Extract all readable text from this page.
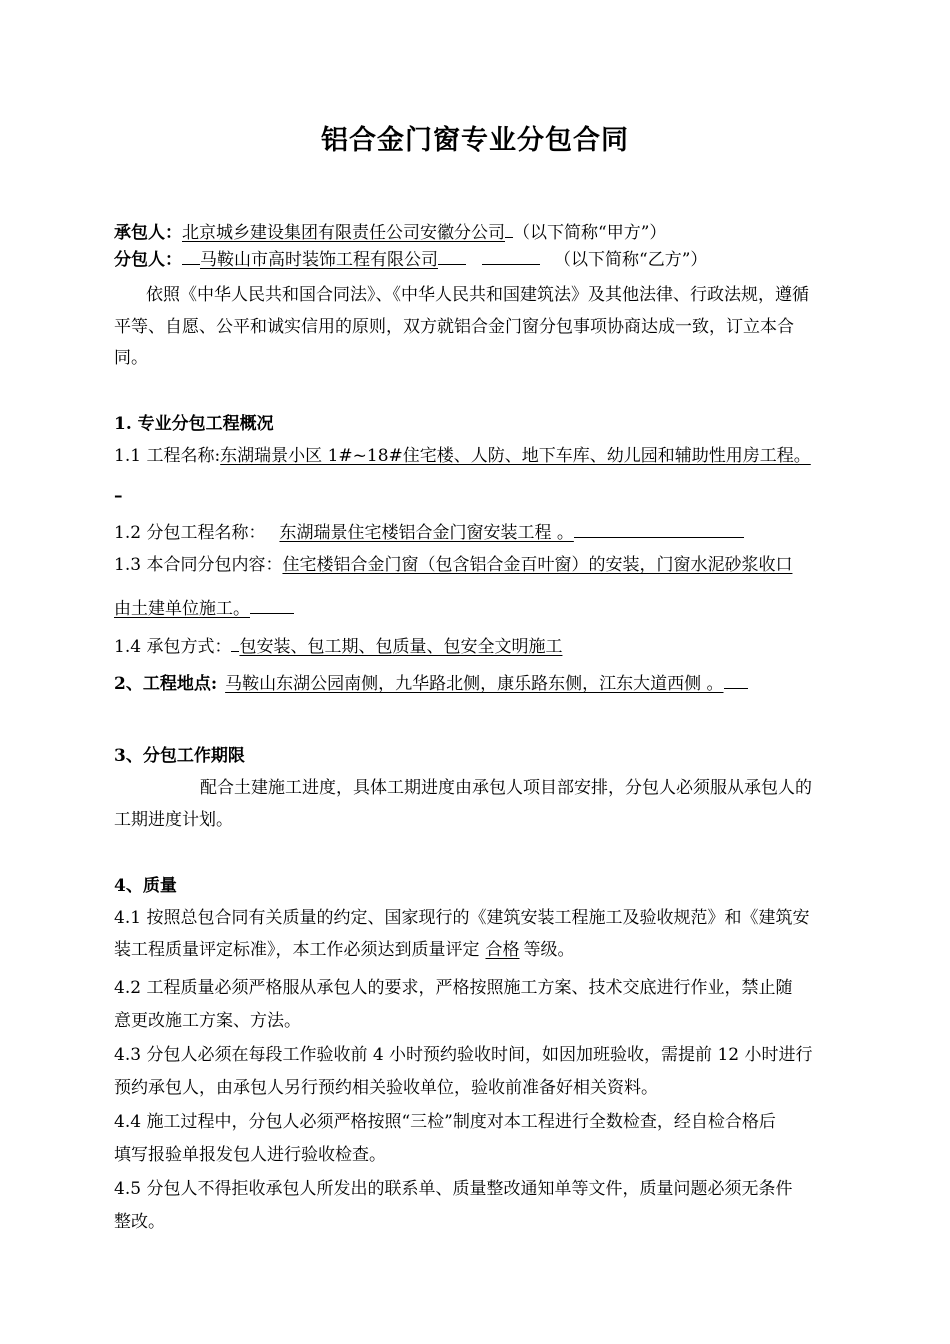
铝合金门窗专业分包合同
承包人：北京城乡建设集团有限责任公司安徽分公司 （以下简称“甲方”）
分包人： 马鞍山市高时装饰工程有限公司	（以下简称“乙方”）
依照《中华人民共和国合同法》、《中华人民共和国建筑法》及其他法律、行政法规，遵循
平等、自愿、公平和诚实信用的原则，双方就铝合金门窗分包事项协商达成一致，订立本合
同。
1. 专业分包工程概况
1.1 工程名称:东湖瑞景小区 1#~18#住宅楼、人防、地下车库、幼儿园和辅助性用房工程。
–
1.2 分包工程名称： 东湖瑞景住宅楼铝合金门窗安装工程 。
1.3 本合同分包内容：住宅楼铝合金门窗（包含铝合金百叶窗）的安装，门窗水泥砂浆收口
由土建单位施工。
1.4 承包方式： 包安装、包工期、包质量、包安全文明施工
2、工程地点: 马鞍山东湖公园南侧，九华路北侧，康乐路东侧，江东大道西侧 。
3、分包工作期限
配合土建施工进度，具体工期进度由承包人项目部安排，分包人必须服从承包人的
工期进度计划。
4、质量
4.1 按照总包合同有关质量的约定、国家现行的《建筑安装工程施工及验收规范》和《建筑安
装工程质量评定标准》，本工作必须达到质量评定 合格 等级。
4.2 工程质量必须严格服从承包人的要求，严格按照施工方案、技术交底进行作业，禁止随
意更改施工方案、方法。
4.3 分包人必须在每段工作验收前 4 小时预约验收时间，如因加班验收，需提前 12 小时进行
预约承包人，由承包人另行预约相关验收单位，验收前准备好相关资料。
4.4 施工过程中，分包人必须严格按照“三检”制度对本工程进行全数检查，经自检合格后
填写报验单报发包人进行验收检查。
4.5 分包人不得拒收承包人所发出的联系单、质量整改通知单等文件，质量问题必须无条件
整改。
